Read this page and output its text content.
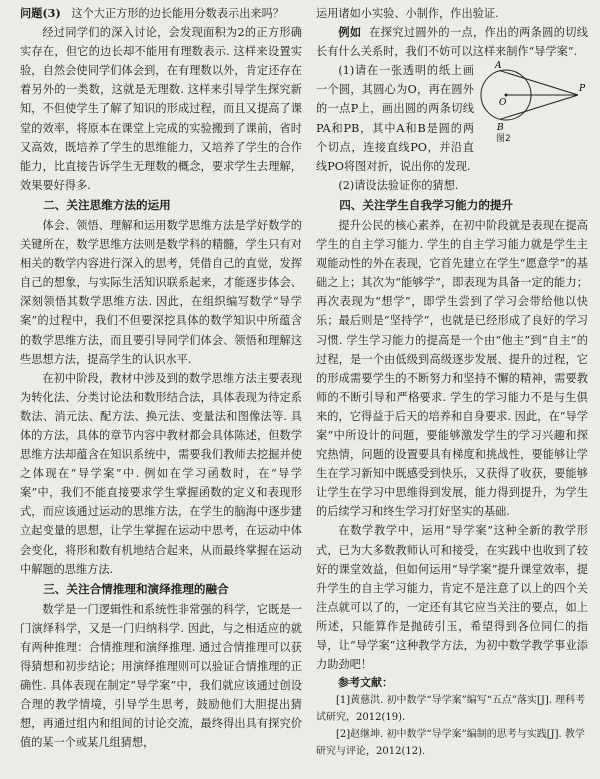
问题(3) 这个大正方形的边长能用分数表示出来吗？

经过同学们的深入讨论，会发现面积为2的正方形确实存在，但它的边长却不能用有理数表示. 这样来设置实验，自然会使同学们体会到，在有理数以外，肯定还存在着另外的一类数，这就是无理数. 这样来引导学生探究新知，不但使学生了解了知识的形成过程，而且又提高了课堂的效率，将原本在课堂上完成的实验搬到了课前，省时又高效，既培养了学生的思维能力，又培养了学生的合作能力，比直接告诉学生无理数的概念，要求学生去理解，效果要好得多.

二、关注思维方法的运用

体会、领悟、理解和运用数学思维方法是学好数学的关键所在，数学思维方法则是数学科的精髓，学生只有对相关的数学内容进行深入的思考，凭借自己的直觉，发挥自己的想象，与实际生活知识联系起来，才能逐步体会、深刻领悟其数学思维方法. 因此，在组织编写数学“导学案”的过程中，我们不但要深挖具体的数学知识中所蕴含的数学思维方法，而且要引导同学们体会、领悟和理解这些思想方法，提高学生的认识水平.

在初中阶段，教材中涉及到的数学思维方法主要表现为转化法、分类讨论法和数形结合法，具体表现为待定系数法、消元法、配方法、换元法、变量法和图像法等. 具体的方法，具体的章节内容中教材都会具体陈述，但数学思维方法却蕴含在知识系统中，需要我们教师去挖掘并使之体现在“导学案”中. 例如在学习函数时，在“导学案”中，我们不能直接要求学生掌握函数的定义和表现形式，而应该通过运动的思维方法，在学生的脑海中逐步建立起变量的思想，让学生掌握在运动中思考，在运动中体会变化，将形和数有机地结合起来，从而最终掌握在运动中解题的思维方法.

三、关注合情推理和演绎推理的融合

数学是一门逻辑性和系统性非常强的科学，它既是一门演绎科学，又是一门归纳科学. 因此，与之相适应的就有两种推理：合情推理和演绎推理. 通过合情推理可以获得猜想和初步结论；用演绎推理则可以验证合情推理的正确性. 具体表现在制定“导学案”中，我们就应该通过创设合理的教学情境，引导学生思考，鼓励他们大胆提出猜想，再通过组内和组间的讨论交流，最终得出具有探究价值的某一个或某几组猜想，

运用诸如小实验、小制作，作出验证.

例如 在探究过圆外的一点，作出的两条圆的切线长有什么关系时，我们不妨可以这样来制作“导学案”.

(1)请在一张透明的纸上画一个圆，其圆心为O，再在圆外的一点P上，画出圆的两条切线PA和PB，其中A和B是圆的两个切点，连接直线PO，并沿直线PO将图对折，说出你的发现.

A
B
O
P
图2

(2)请设法验证你的猜想.

四、关注学生自我学习能力的提升

提升公民的核心素养，在初中阶段就是表现在提高学生的自主学习能力. 学生的自主学习能力就是学生主观能动性的外在表现，它首先建立在学生“愿意学”的基础之上；其次为“能够学”，即表现为具备一定的能力；再次表现为“想学”，即学生尝到了学习会带给他以快乐；最后则是“坚持学”，也就是已经形成了良好的学习习惯. 学生学习能力的提高是一个由“他主”到“自主”的过程，是一个由低级到高级逐步发展、提升的过程，它的形成需要学生的不断努力和坚持不懈的精神，需要教师的不断引导和严格要求. 学生的学习能力不是与生俱来的，它得益于后天的培养和自身要求. 因此，在“导学案”中所设计的问题，要能够激发学生的学习兴趣和探究热情，问题的设置要具有梯度和挑战性，要能够让学生在学习新知中既感受到快乐，又获得了收获，要能够让学生在学习中思维得到发展，能力得到提升，为学生的后续学习和终生学习打好坚实的基础.

在数学教学中，运用“导学案”这种全新的教学形式，已为大多数教师认可和接受，在实践中也收到了较好的课堂效益，但如何运用“导学案”提升课堂效率，提升学生的自主学习能力，肯定不是注意了以上的四个关注点就可以了的，一定还有其它应当关注的要点，如上所述，只能算作是抛砖引玉，希望得到各位同仁的指导，让“导学案”这种教学方法，为初中数学教学事业添力助劲吧！

参考文献：
[1]黄慈洪. 初中数学“导学案”编写“五点”落实[J]. 理科考试研究，2012(19).
[2]赵继坤. 初中数学“导学案”编制的思考与实践[J]. 教学研究与评论，2012(12).
